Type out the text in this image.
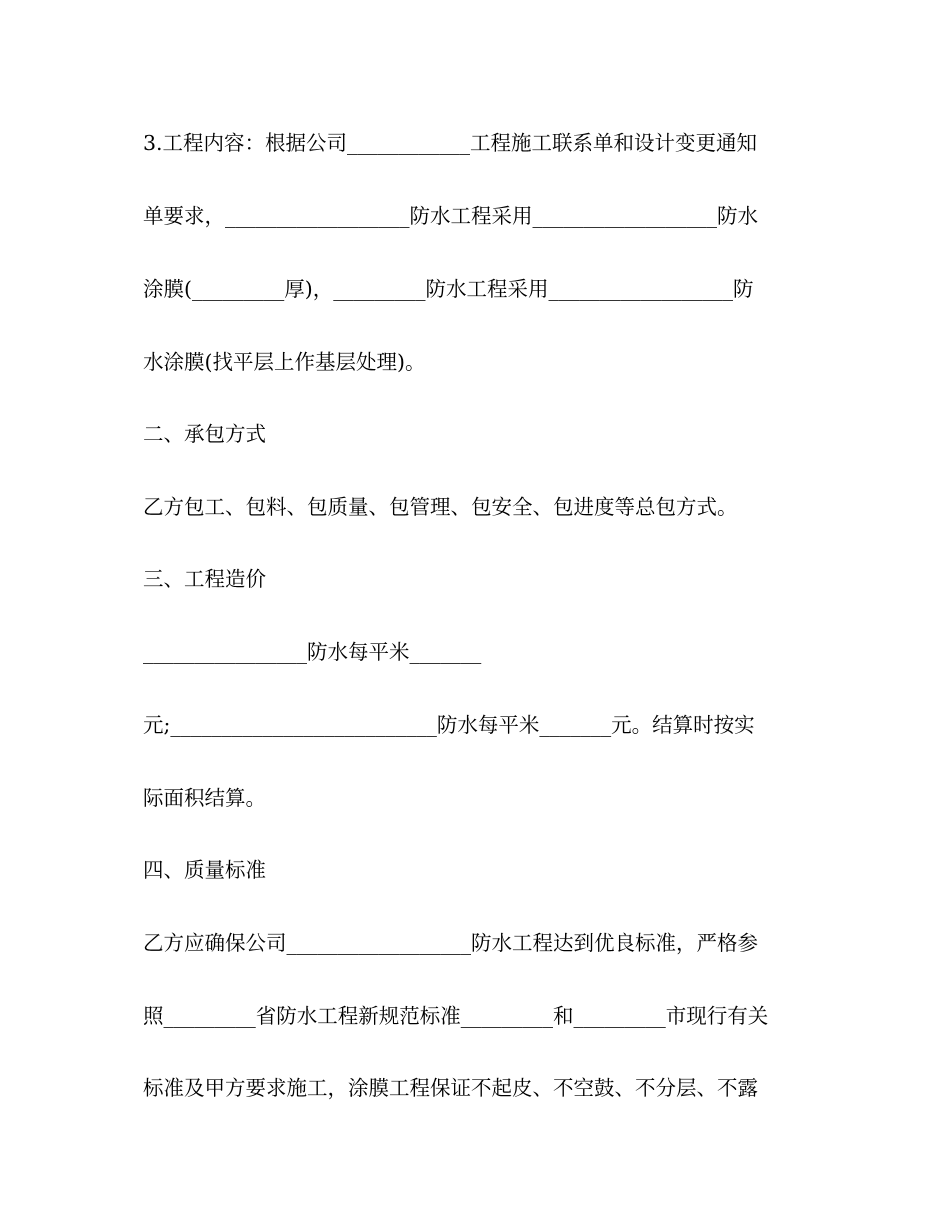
3.工程内容：根据公司____________工程施工联系单和设计变更通知
单要求，__________________防水工程采用__________________防水
涂膜(_________厚)，_________防水工程采用__________________防
水涂膜(找平层上作基层处理)。
二、承包方式
乙方包工、包料、包质量、包管理、包安全、包进度等总包方式。
三、工程造价
________________防水每平米_______
元;__________________________防水每平米_______元。结算时按实
际面积结算。
四、质量标准
乙方应确保公司__________________防水工程达到优良标准，严格参
照_________省防水工程新规范标准_________和_________市现行有关
标准及甲方要求施工，涂膜工程保证不起皮、不空鼓、不分层、不露
